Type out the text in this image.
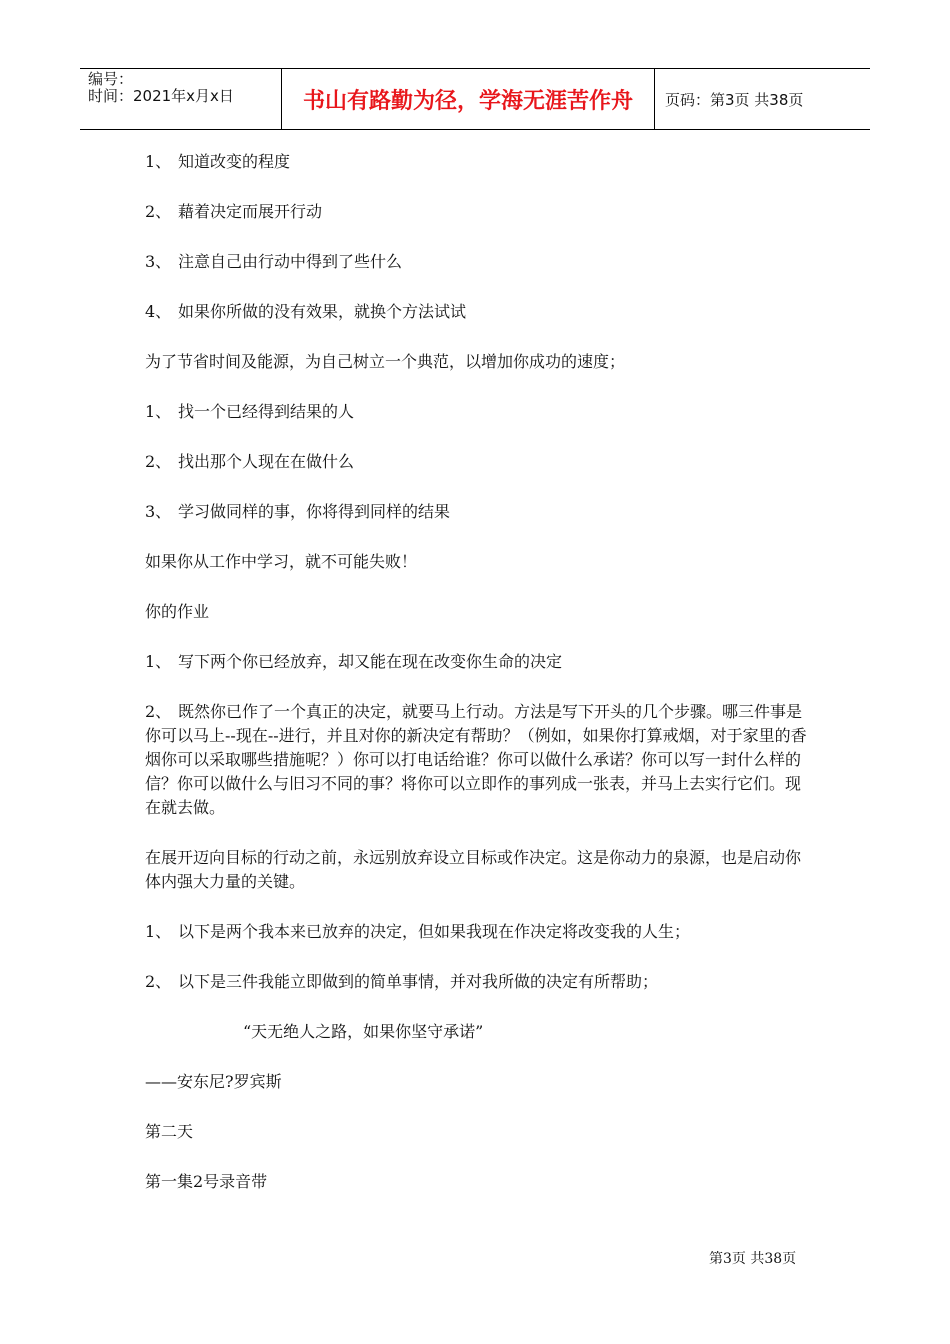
编号：
时间：2021年x月x日	书山有路勤为径，学海无涯苦作舟	页码：第3页 共38页
1、 知道改变的程度
2、 藉着决定而展开行动
3、 注意自己由行动中得到了些什么
4、 如果你所做的没有效果，就换个方法试试
为了节省时间及能源，为自己树立一个典范，以增加你成功的速度；
1、 找一个已经得到结果的人
2、 找出那个人现在在做什么
3、 学习做同样的事，你将得到同样的结果
如果你从工作中学习，就不可能失败！
你的作业
1、 写下两个你已经放弃，却又能在现在改变你生命的决定
2、 既然你已作了一个真正的决定，就要马上行动。方法是写下开头的几个步骤。哪三件事是你可以马上--现在--进行，并且对你的新决定有帮助？（例如，如果你打算戒烟，对于家里的香烟你可以采取哪些措施呢？）你可以打电话给谁？你可以做什么承诺？你可以写一封什么样的信？你可以做什么与旧习不同的事？将你可以立即作的事列成一张表，并马上去实行它们。现在就去做。
在展开迈向目标的行动之前，永远别放弃设立目标或作决定。这是你动力的泉源，也是启动你体内强大力量的关键。
1、 以下是两个我本来已放弃的决定，但如果我现在作决定将改变我的人生；
2、 以下是三件我能立即做到的简单事情，并对我所做的决定有所帮助；
“天无绝人之路，如果你坚守承诺”
——安东尼?罗宾斯
第二天
第一集2号录音带
第3页 共38页
